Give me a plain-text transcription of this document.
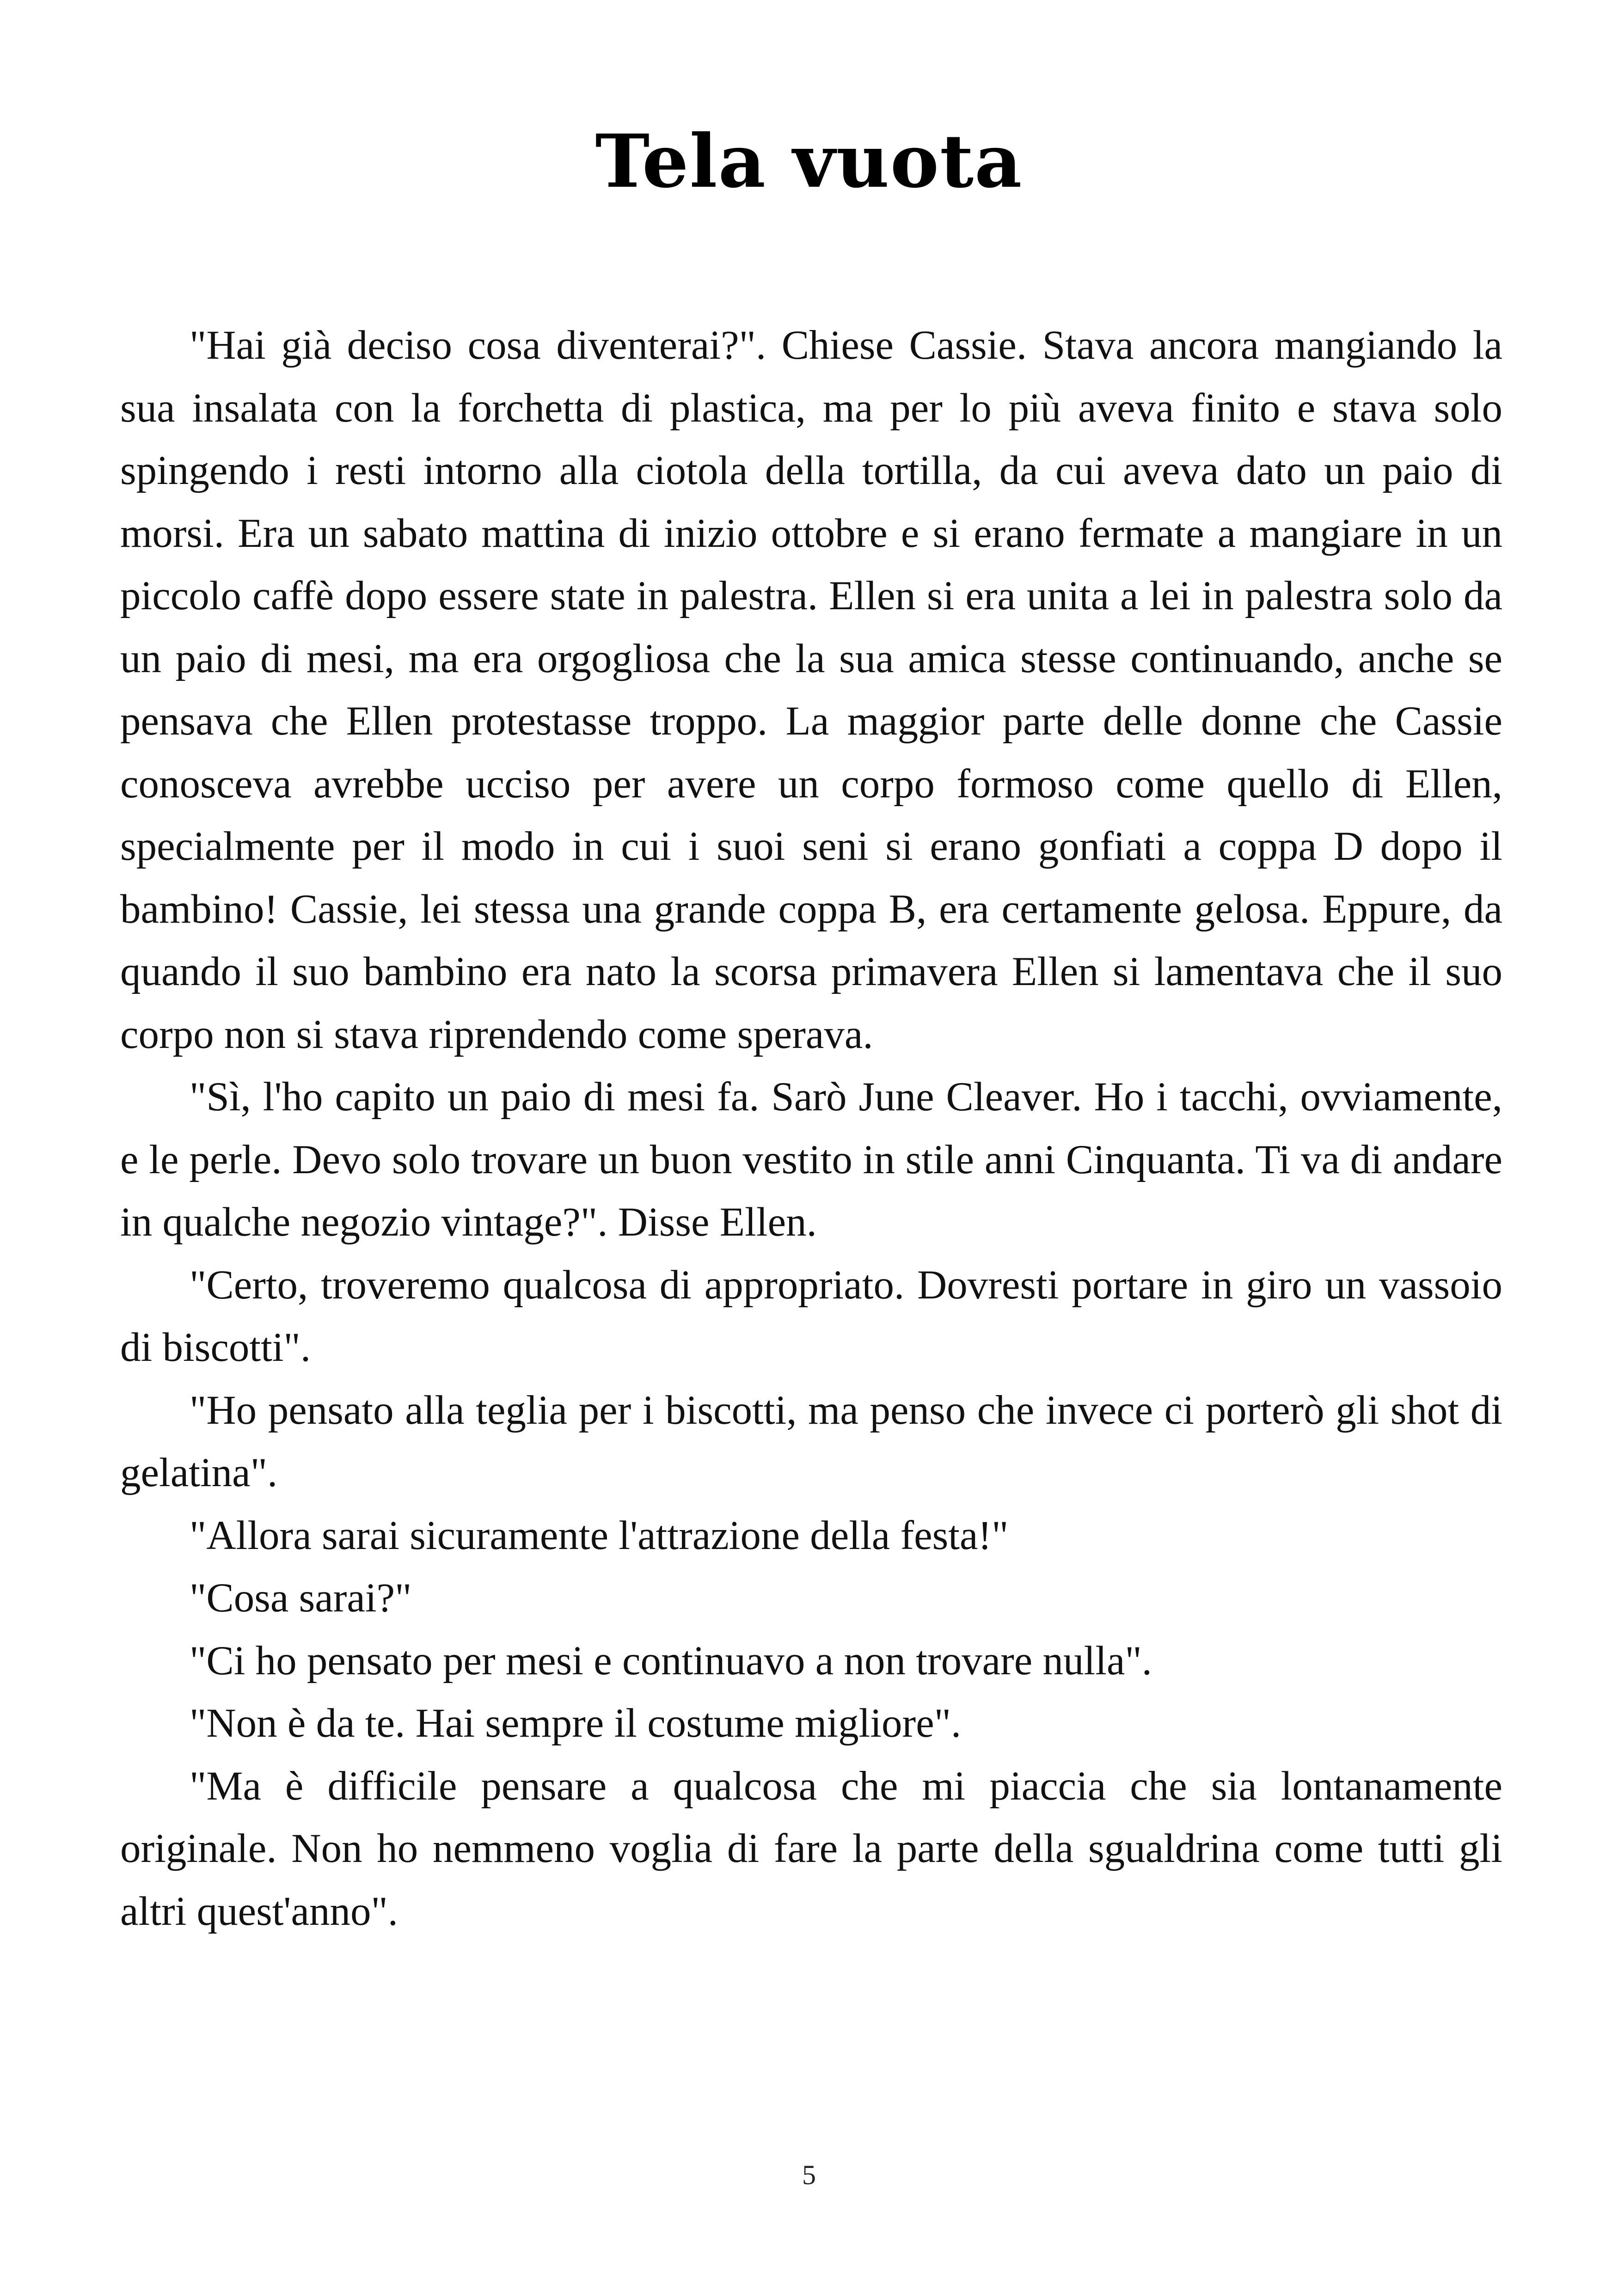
Tela vuota

"Hai già deciso cosa diventerai?". Chiese Cassie. Stava ancora mangiando la sua insalata con la forchetta di plastica, ma per lo più aveva finito e stava solo spingendo i resti intorno alla ciotola della tortilla, da cui aveva dato un paio di morsi. Era un sabato mattina di inizio ottobre e si erano fermate a mangiare in un piccolo caffè dopo essere state in palestra. Ellen si era unita a lei in palestra solo da un paio di mesi, ma era orgogliosa che la sua amica stesse continuando, anche se pensava che Ellen protestasse troppo. La maggior parte delle donne che Cassie conosceva avrebbe ucciso per avere un corpo formoso come quello di Ellen, specialmente per il modo in cui i suoi seni si erano gonfiati a coppa D dopo il bambino! Cassie, lei stessa una grande coppa B, era certamente gelosa. Eppure, da quando il suo bambino era nato la scorsa primavera Ellen si lamentava che il suo corpo non si stava riprendendo come sperava.

"Sì, l'ho capito un paio di mesi fa. Sarò June Cleaver. Ho i tacchi, ovviamente, e le perle. Devo solo trovare un buon vestito in stile anni Cinquanta. Ti va di andare in qualche negozio vintage?". Disse Ellen.

"Certo, troveremo qualcosa di appropriato. Dovresti portare in giro un vassoio di biscotti".

"Ho pensato alla teglia per i biscotti, ma penso che invece ci porterò gli shot di gelatina".

"Allora sarai sicuramente l'attrazione della festa!"

"Cosa sarai?"

"Ci ho pensato per mesi e continuavo a non trovare nulla".

"Non è da te. Hai sempre il costume migliore".

"Ma è difficile pensare a qualcosa che mi piaccia che sia lontanamente originale. Non ho nemmeno voglia di fare la parte della sgualdrina come tutti gli altri quest'anno".

5
